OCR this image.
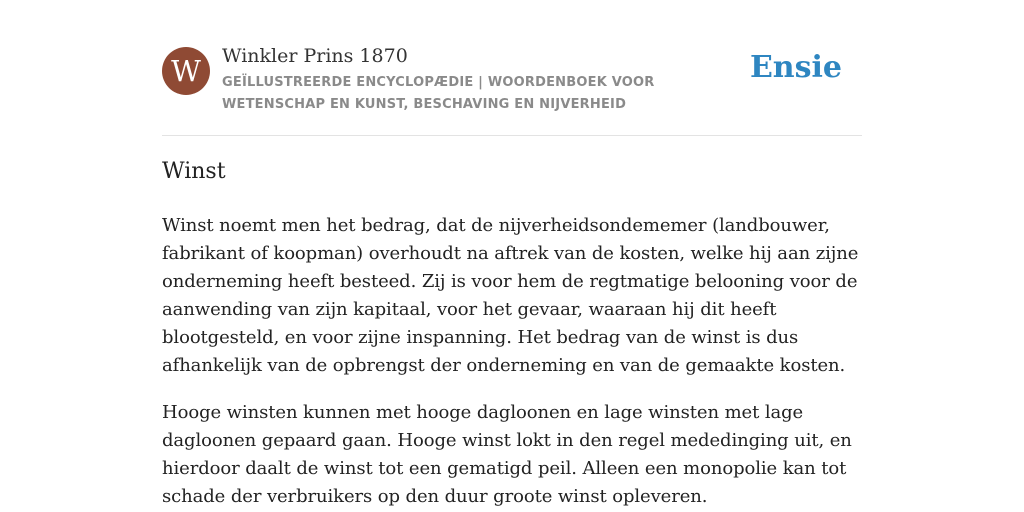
W	Winkler Prins 1870
GEÏLLUSTREERDE ENCYCLOPÆDIE | WOORDENBOEK VOOR WETENSCHAP EN KUNST, BESCHAVING EN NIJVERHEID
Ensie
Winst

Winst noemt men het bedrag, dat de nijverheidsondememer (landbouwer, fabrikant of koopman) overhoudt na aftrek van de kosten, welke hij aan zijne onderneming heeft besteed. Zij is voor hem de regtmatige belooning voor de aanwending van zijn kapitaal, voor het gevaar, waaraan hij dit heeft blootgesteld, en voor zijne inspanning. Het bedrag van de winst is dus afhankelijk van de opbrengst der onderneming en van de gemaakte kosten.

Hooge winsten kunnen met hooge dagloonen en lage winsten met lage dagloonen gepaard gaan. Hooge winst lokt in den regel mededinging uit, en hierdoor daalt de winst tot een gematigd peil. Alleen een monopolie kan tot schade der verbruikers op den duur groote winst opleveren.
